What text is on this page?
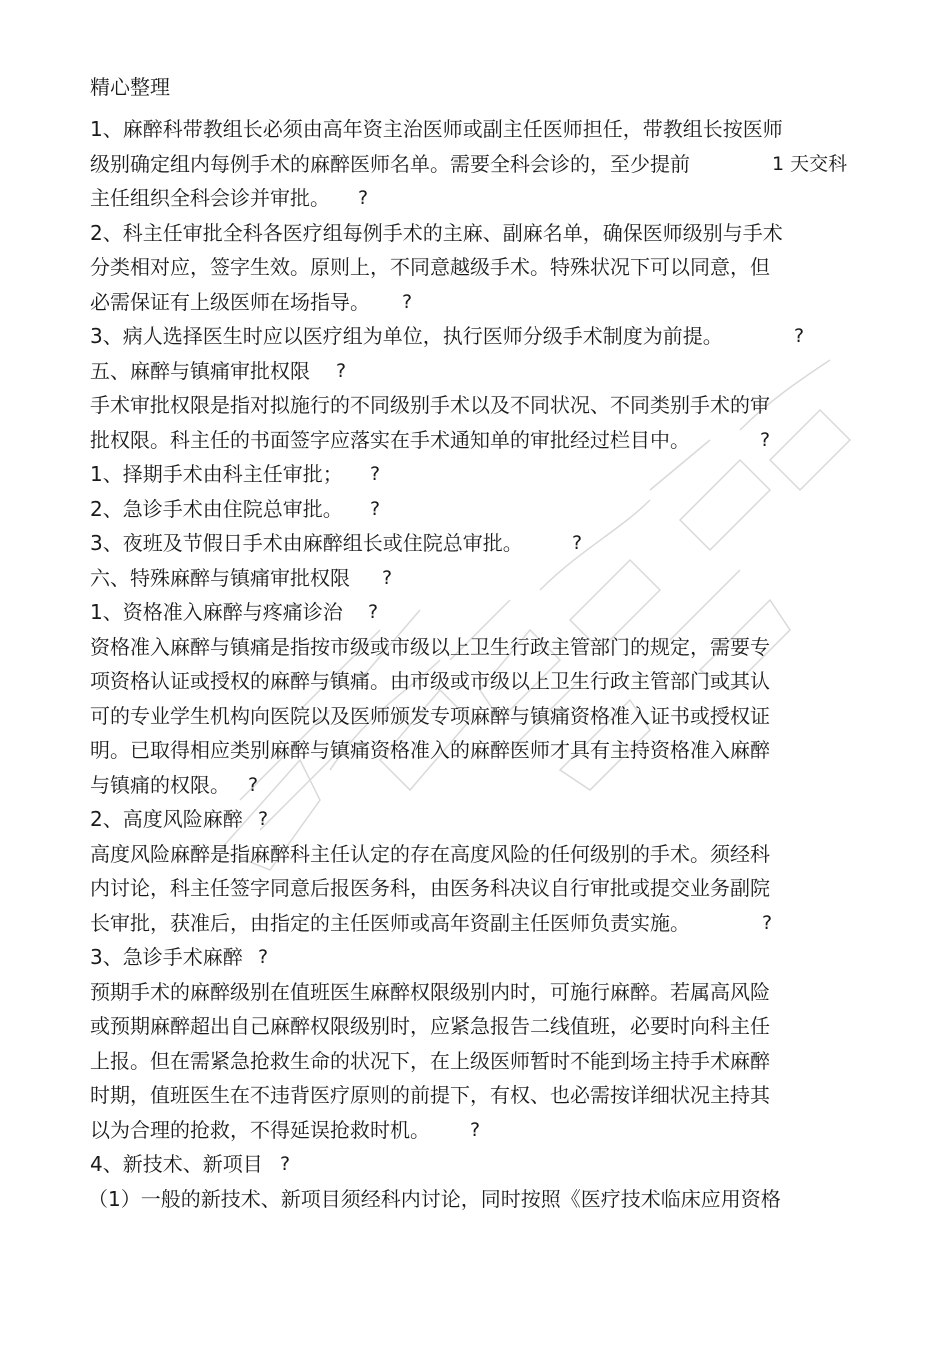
精心整理
1、麻醉科带教组长必须由高年资主治医师或副主任医师担任，带教组长按医师
级别确定组内每例手术的麻醉医师名单。需要全科会诊的，至少提前	1 天交科
主任组织全科会诊并审批。 ?
2、科主任审批全科各医疗组每例手术的主麻、副麻名单，确保医师级别与手术
分类相对应，签字生效。原则上，不同意越级手术。特殊状况下可以同意，但
必需保证有上级医师在场指导。 ?
3、病人选择医生时应以医疗组为单位，执行医师分级手术制度为前提。	?
五、麻醉与镇痛审批权限 ?
手术审批权限是指对拟施行的不同级别手术以及不同状况、不同类别手术的审
批权限。科主任的书面签字应落实在手术通知单的审批经过栏目中。	?
1、择期手术由科主任审批； ?
2、急诊手术由住院总审批。 ?
3、夜班及节假日手术由麻醉组长或住院总审批。	?
六、特殊麻醉与镇痛审批权限 ?
1、资格准入麻醉与疼痛诊治 ?
资格准入麻醉与镇痛是指按市级或市级以上卫生行政主管部门的规定，需要专
项资格认证或授权的麻醉与镇痛。由市级或市级以上卫生行政主管部门或其认
可的专业学生机构向医院以及医师颁发专项麻醉与镇痛资格准入证书或授权证
明。已取得相应类别麻醉与镇痛资格准入的麻醉医师才具有主持资格准入麻醉
与镇痛的权限。 ?
2、高度风险麻醉 ?
高度风险麻醉是指麻醉科主任认定的存在高度风险的任何级别的手术。须经科
内讨论，科主任签字同意后报医务科，由医务科决议自行审批或提交业务副院
长审批，获准后，由指定的主任医师或高年资副主任医师负责实施。	?
3、急诊手术麻醉 ?
预期手术的麻醉级别在值班医生麻醉权限级别内时，可施行麻醉。若属高风险
或预期麻醉超出自己麻醉权限级别时，应紧急报告二线值班，必要时向科主任
上报。但在需紧急抢救生命的状况下，在上级医师暂时不能到场主持手术麻醉
时期，值班医生在不违背医疗原则的前提下，有权、也必需按详细状况主持其
以为合理的抢救，不得延误抢救时机。 ?
4、新技术、新项目 ?
（1）一般的新技术、新项目须经科内讨论，同时按照《医疗技术临床应用资格
